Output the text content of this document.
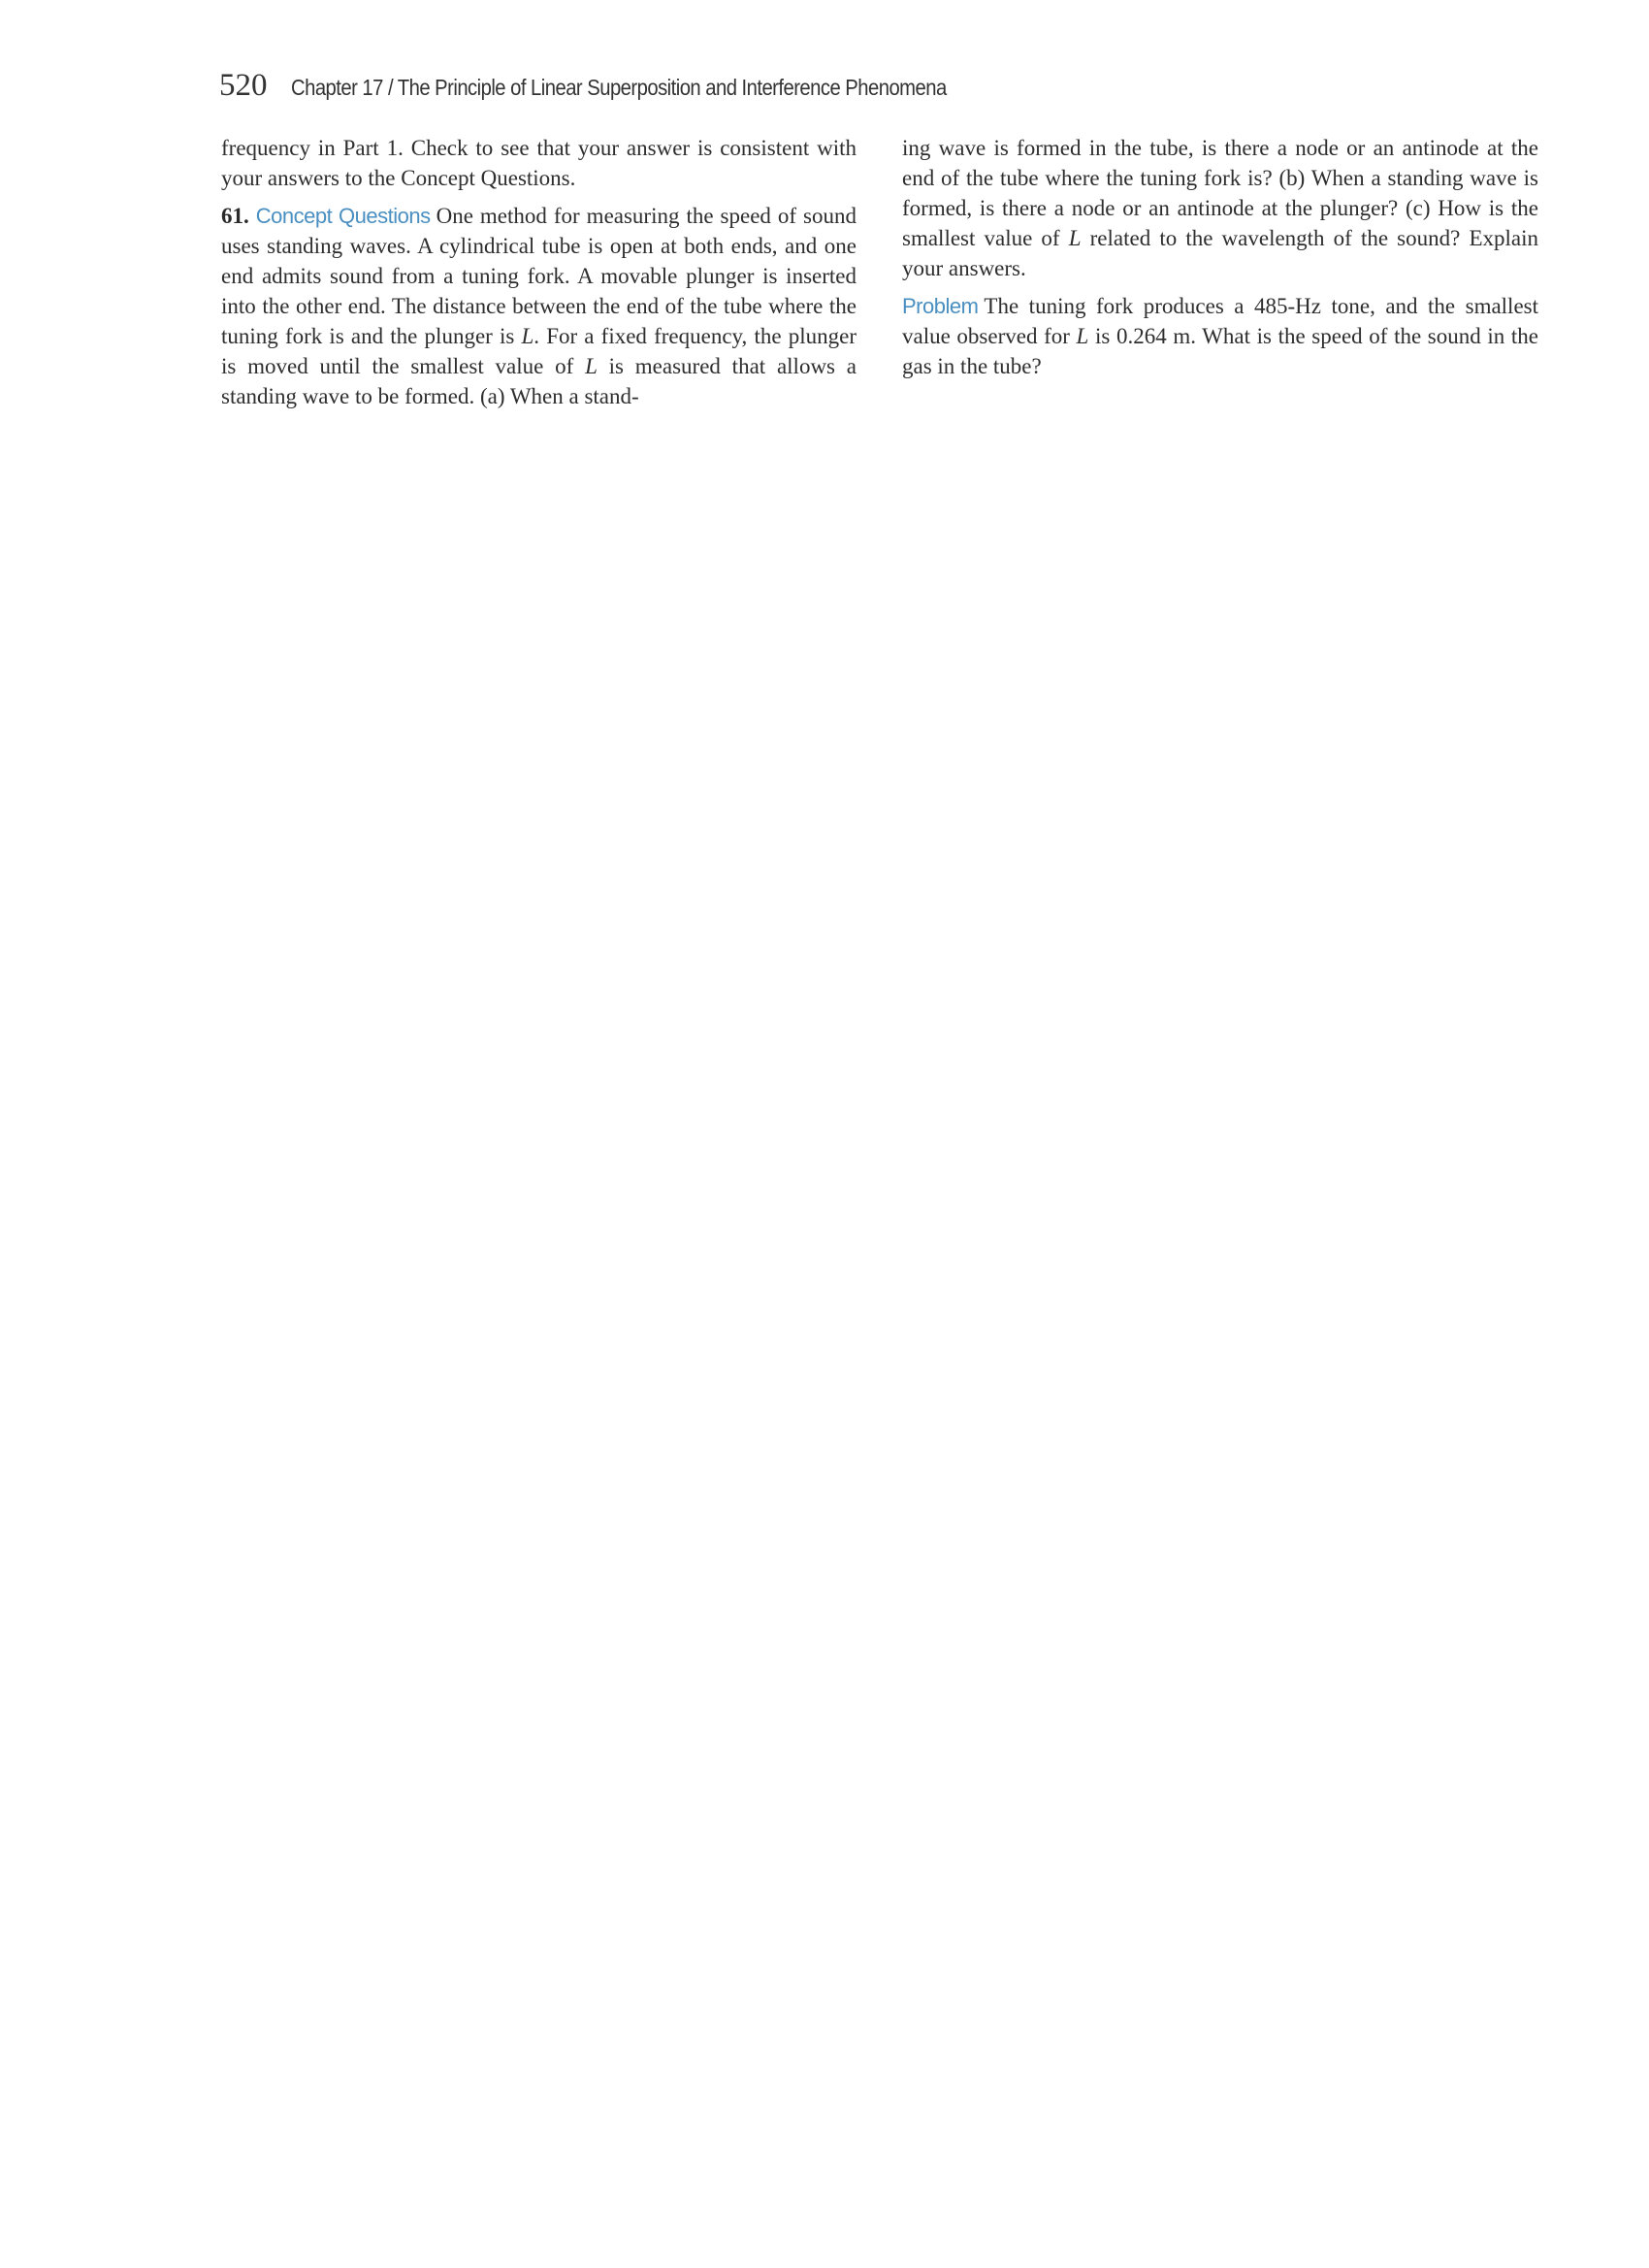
520 Chapter 17 / The Principle of Linear Superposition and Interference Phenomena

frequency in Part 1. Check to see that your answer is consistent with your answers to the Concept Questions.

61. Concept Questions One method for measuring the speed of sound uses standing waves. A cylindrical tube is open at both ends, and one end admits sound from a tuning fork. A movable plunger is inserted into the other end. The distance between the end of the tube where the tuning fork is and the plunger is L. For a fixed frequency, the plunger is moved until the smallest value of L is measured that allows a standing wave to be formed. (a) When a stand-

ing wave is formed in the tube, is there a node or an antinode at the end of the tube where the tuning fork is? (b) When a standing wave is formed, is there a node or an antinode at the plunger? (c) How is the smallest value of L related to the wavelength of the sound? Explain your answers.

Problem The tuning fork produces a 485-Hz tone, and the smallest value observed for L is 0.264 m. What is the speed of the sound in the gas in the tube?
